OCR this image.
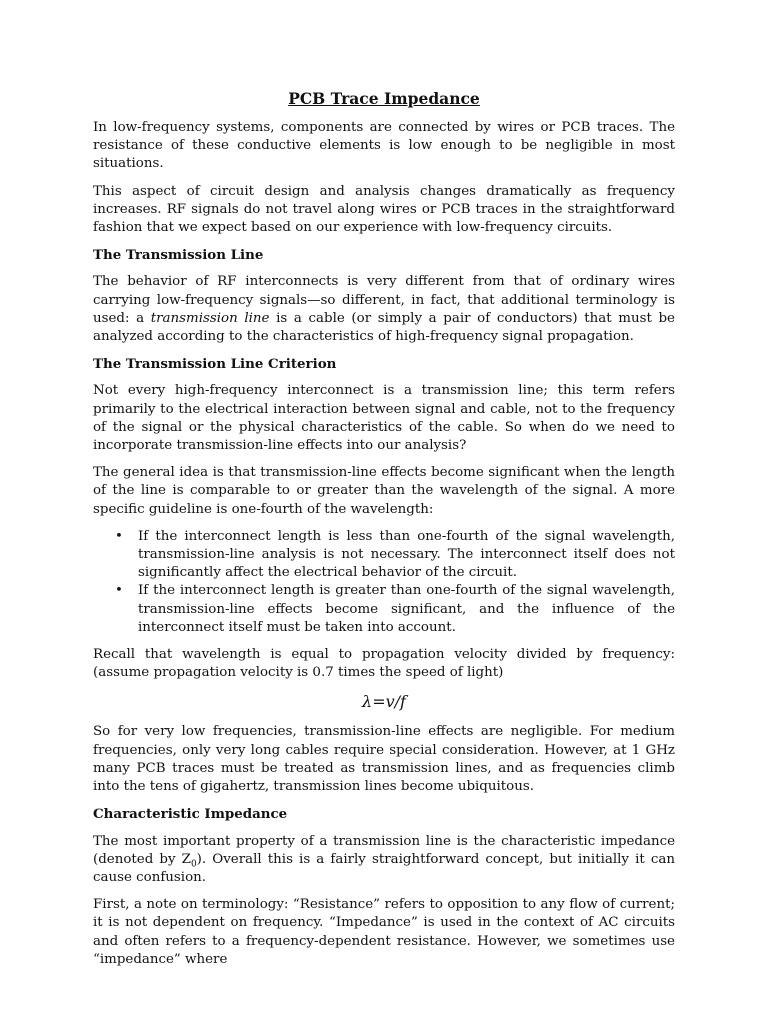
PCB Trace Impedance

In low-frequency systems, components are connected by wires or PCB traces. The resistance of these conductive elements is low enough to be negligible in most situations.

This aspect of circuit design and analysis changes dramatically as frequency increases. RF signals do not travel along wires or PCB traces in the straightforward fashion that we expect based on our experience with low-frequency circuits.

The Transmission Line

The behavior of RF interconnects is very different from that of ordinary wires carrying low-frequency signals—so different, in fact, that additional terminology is used: a transmission line is a cable (or simply a pair of conductors) that must be analyzed according to the characteristics of high-frequency signal propagation.

The Transmission Line Criterion

Not every high-frequency interconnect is a transmission line; this term refers primarily to the electrical interaction between signal and cable, not to the frequency of the signal or the physical characteristics of the cable. So when do we need to incorporate transmission-line effects into our analysis?

The general idea is that transmission-line effects become significant when the length of the line is comparable to or greater than the wavelength of the signal. A more specific guideline is one-fourth of the wavelength:

• If the interconnect length is less than one-fourth of the signal wavelength, transmission-line analysis is not necessary. The interconnect itself does not significantly affect the electrical behavior of the circuit.
• If the interconnect length is greater than one-fourth of the signal wavelength, transmission-line effects become significant, and the influence of the interconnect itself must be taken into account.

Recall that wavelength is equal to propagation velocity divided by frequency: (assume propagation velocity is 0.7 times the speed of light)

λ=v/f

So for very low frequencies, transmission-line effects are negligible. For medium frequencies, only very long cables require special consideration. However, at 1 GHz many PCB traces must be treated as transmission lines, and as frequencies climb into the tens of gigahertz, transmission lines become ubiquitous.

Characteristic Impedance

The most important property of a transmission line is the characteristic impedance (denoted by $Z_0$). Overall this is a fairly straightforward concept, but initially it can cause confusion.

First, a note on terminology: “Resistance” refers to opposition to any flow of current; it is not dependent on frequency. “Impedance” is used in the context of AC circuits and often refers to a frequency-dependent resistance. However, we sometimes use “impedance” where
